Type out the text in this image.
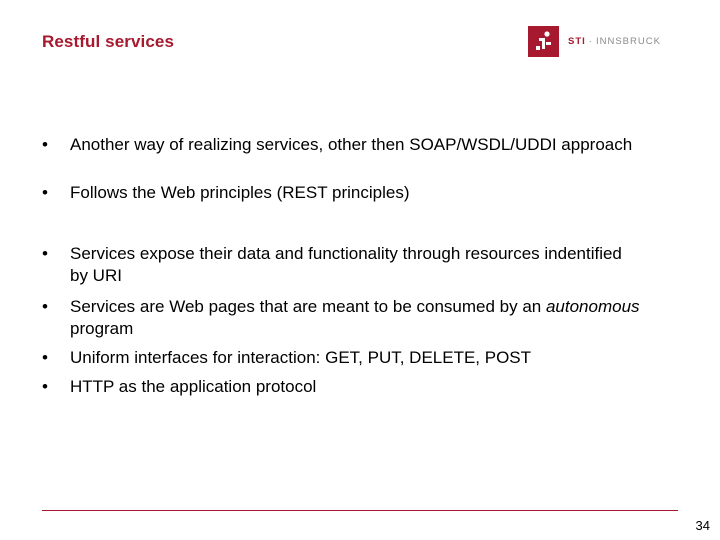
Restful services	STI · INNSBRUCK
•	Another way of realizing services, other then SOAP/WSDL/UDDI approach
•	Follows the Web principles (REST principles)
•	Services expose their data and functionality through resources indentified by URI
•	Services are Web pages that are meant to be consumed by an autonomous program
•	Uniform interfaces for interaction: GET, PUT, DELETE, POST
•	HTTP as the application protocol
34
